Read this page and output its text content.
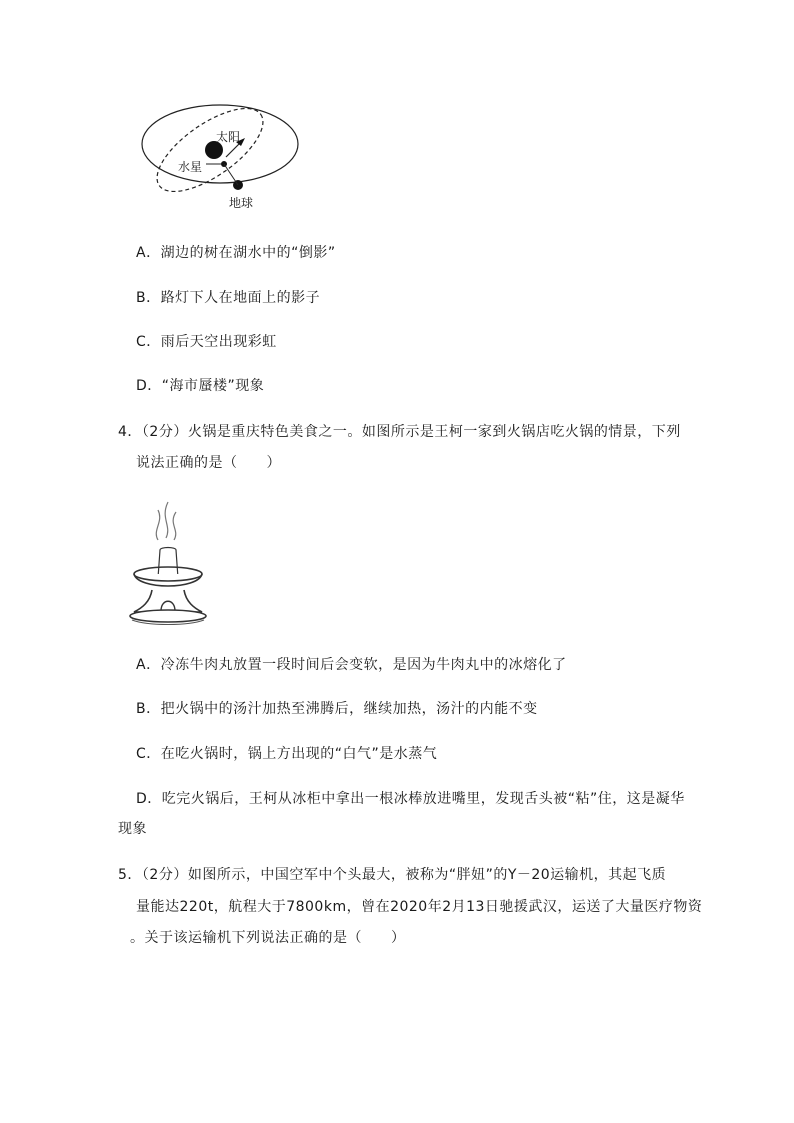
太阳
水星
地球
A．湖边的树在湖水中的“倒影”
B．路灯下人在地面上的影子
C．雨后天空出现彩虹
D．“海市蜃楼”现象
4．（2分）火锅是重庆特色美食之一。如图所示是王柯一家到火锅店吃火锅的情景，下列
说法正确的是（　　）
A．冷冻牛肉丸放置一段时间后会变软，是因为牛肉丸中的冰熔化了
B．把火锅中的汤汁加热至沸腾后，继续加热，汤汁的内能不变
C．在吃火锅时，锅上方出现的“白气”是水蒸气
D．吃完火锅后，王柯从冰柜中拿出一根冰棒放进嘴里，发现舌头被“粘”住，这是凝华
现象
5．（2分）如图所示，中国空军中个头最大，被称为“胖妞”的Y－20运输机，其起飞质
量能达220t，航程大于7800km，曾在2020年2月13日驰援武汉，运送了大量医疗物资
。关于该运输机下列说法正确的是（　　）
